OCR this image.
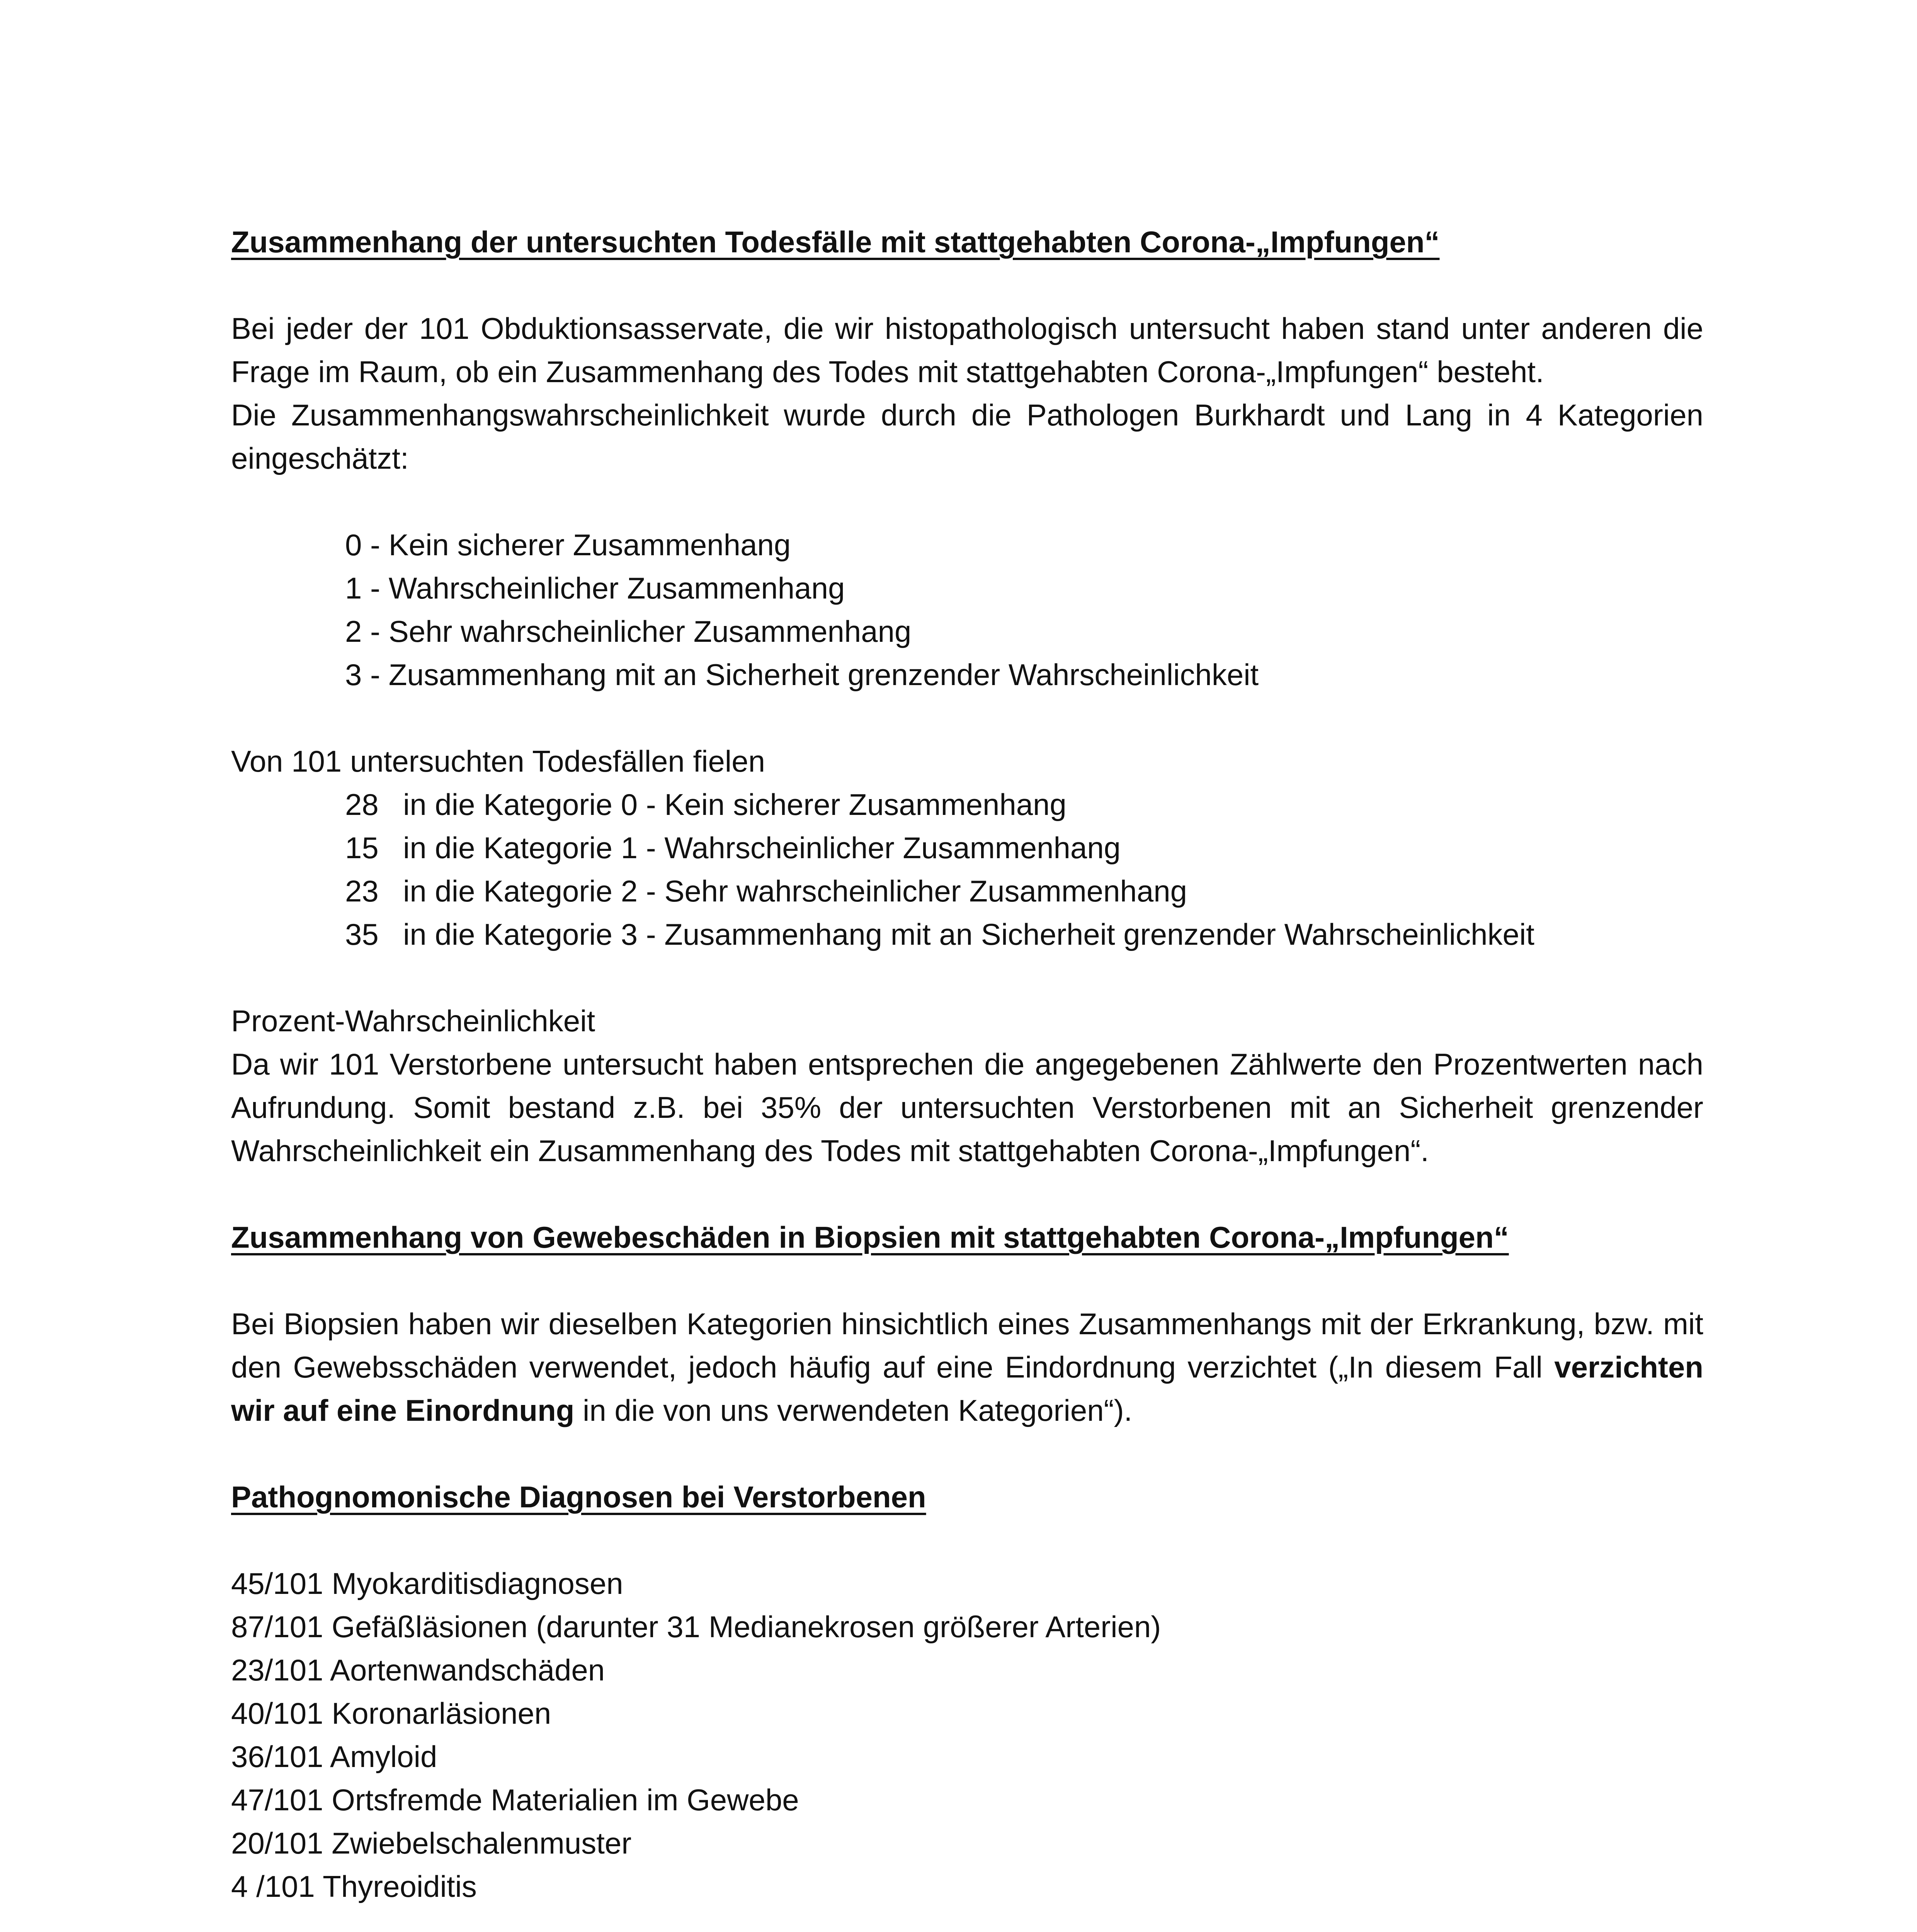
Zusammenhang der untersuchten Todesfälle mit stattgehabten Corona-„Impfungen“

Bei jeder der 101 Obduktionsasservate, die wir histopathologisch untersucht haben stand unter anderen die Frage im Raum, ob ein Zusammenhang des Todes mit stattgehabten Corona-„Impfungen“ besteht.

Die Zusammenhangswahrscheinlichkeit wurde durch die Pathologen Burkhardt und Lang in 4 Kategorien eingeschätzt:

0 - Kein sicherer Zusammenhang
1 - Wahrscheinlicher Zusammenhang
2 - Sehr wahrscheinlicher Zusammenhang
3 - Zusammenhang mit an Sicherheit grenzender Wahrscheinlichkeit
Von 101 untersuchten Todesfällen fielen
28 in die Kategorie 0 - Kein sicherer Zusammenhang
15 in die Kategorie 1 - Wahrscheinlicher Zusammenhang
23 in die Kategorie 2 - Sehr wahrscheinlicher Zusammenhang
35 in die Kategorie 3 - Zusammenhang mit an Sicherheit grenzender Wahrscheinlichkeit
Prozent-Wahrscheinlichkeit

Da wir 101 Verstorbene untersucht haben entsprechen die angegebenen Zählwerte den Prozentwerten nach Aufrundung. Somit bestand z.B. bei 35% der untersuchten Verstorbenen mit an Sicherheit grenzender Wahrscheinlichkeit ein Zusammenhang des Todes mit stattgehabten Corona-„Impfungen“.

Zusammenhang von Gewebeschäden in Biopsien mit stattgehabten Corona-„Impfungen“

Bei Biopsien haben wir dieselben Kategorien hinsichtlich eines Zusammenhangs mit der Erkrankung, bzw. mit den Gewebsschäden verwendet, jedoch häufig auf eine Eindordnung verzichtet („In diesem Fall verzichten wir auf eine Einordnung in die von uns verwendeten Kategorien“).

Pathognomonische Diagnosen bei Verstorbenen

45/101 Myokarditisdiagnosen
87/101 Gefäßläsionen (darunter 31 Medianekrosen größerer Arterien)
23/101 Aortenwandschäden
40/101 Koronarläsionen
36/101 Amyloid
47/101 Ortsfremde Materialien im Gewebe
20/101 Zwiebelschalenmuster
4 /101 Thyreoiditis
